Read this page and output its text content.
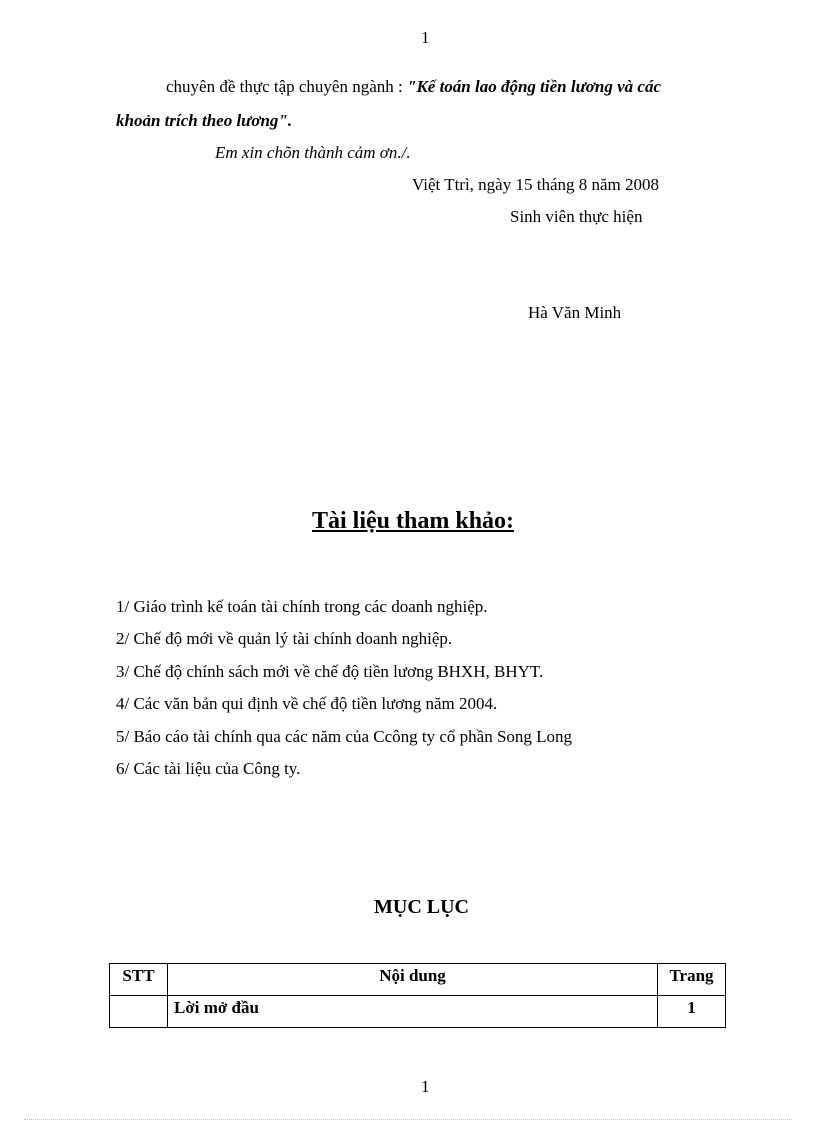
1
chuyên đề thực tập chuyên ngành : "Kế toán lao động tiền lương và các
khoản trích theo lương".
Em xin chõn thành cảm ơn./.
Việt Ttrì, ngày 15 tháng 8 năm 2008
Sinh viên thực hiện
Hà Văn Minh
Tài liệu tham khảo:
1/ Giáo trình kế toán tài chính trong các doanh nghiệp.
2/ Chế độ mới về quản lý tài chính doanh nghiệp.
3/ Chế độ chính sách mới về chế độ tiền lương BHXH, BHYT.
4/ Các văn bản qui định về chế độ tiền lương năm 2004.
5/ Báo cáo tài chính qua các năm của Ccông ty cổ phần Song Long
6/ Các tài liệu của Công ty.
MỤC LỤC
STT	Nội dung	Trang
	Lời mở đầu	1
1
